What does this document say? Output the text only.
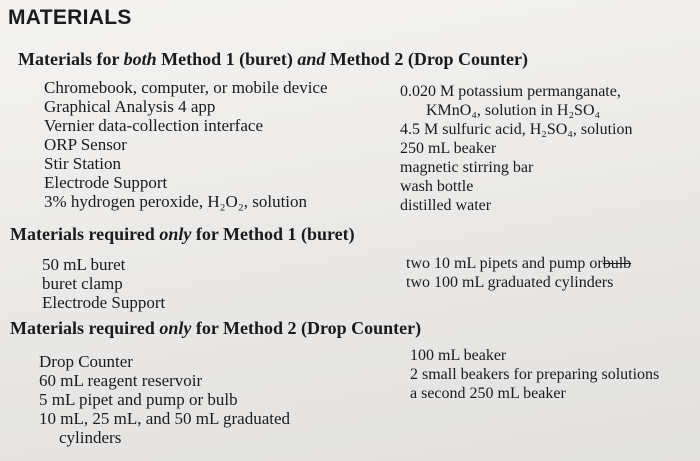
MATERIALS
Materials for both Method 1 (buret) and Method 2 (Drop Counter)
Chromebook, computer, or mobile device
Graphical Analysis 4 app
Vernier data-collection interface
ORP Sensor
Stir Station
Electrode Support
3% hydrogen peroxide, H₂O₂, solution
0.020 M potassium permanganate,
KMnO₄, solution in H₂SO₄
4.5 M sulfuric acid, H₂SO₄, solution
250 mL beaker
magnetic stirring bar
wash bottle
distilled water
Materials required only for Method 1 (buret)
50 mL buret
buret clamp
Electrode Support
two 10 mL pipets and pump orbulb
two 100 mL graduated cylinders
Materials required only for Method 2 (Drop Counter)
Drop Counter
60 mL reagent reservoir
5 mL pipet and pump or bulb
10 mL, 25 mL, and 50 mL graduated
cylinders
100 mL beaker
2 small beakers for preparing solutions
a second 250 mL beaker
